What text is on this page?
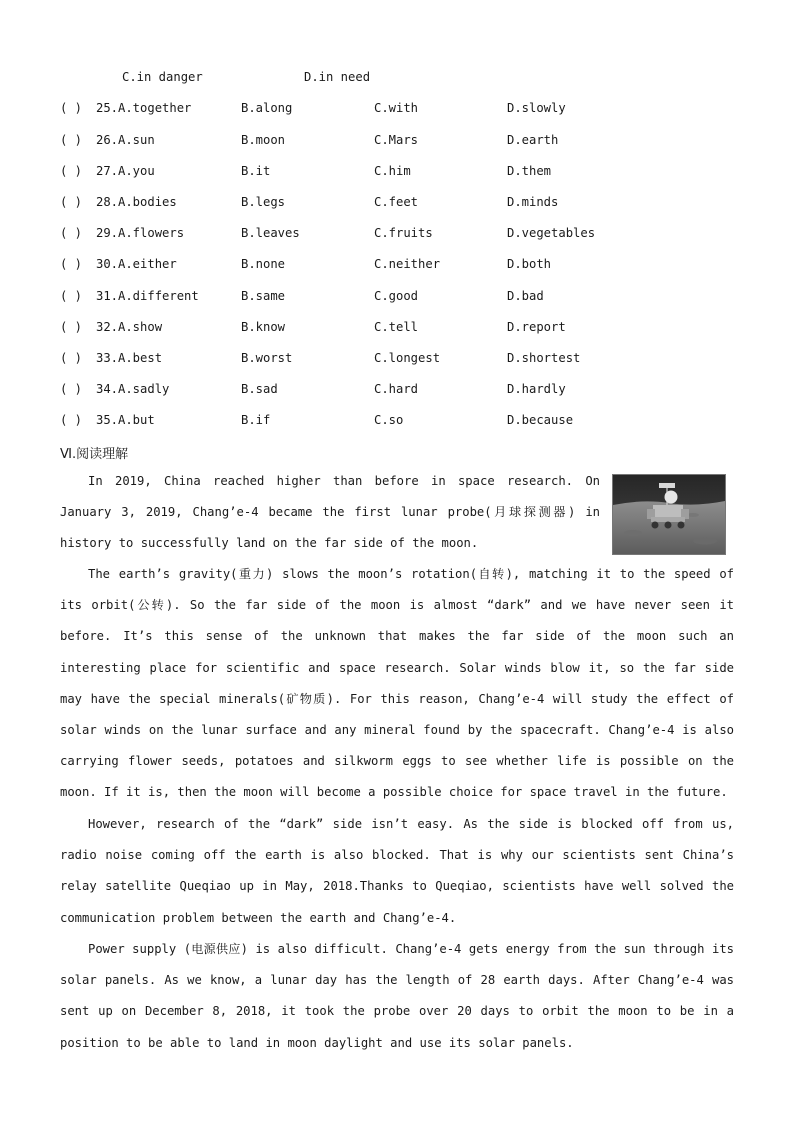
C.in danger	D.in need
( ) 25.A.together	B.along	C.with	D.slowly
( ) 26.A.sun	B.moon	C.Mars	D.earth
( ) 27.A.you	B.it	C.him	D.them
( ) 28.A.bodies	B.legs	C.feet	D.minds
( ) 29.A.flowers	B.leaves	C.fruits	D.vegetables
( ) 30.A.either	B.none	C.neither	D.both
( ) 31.A.different	B.same	C.good	D.bad
( ) 32.A.show	B.know	C.tell	D.report
( ) 33.A.best	B.worst	C.longest	D.shortest
( ) 34.A.sadly	B.sad	C.hard	D.hardly
( ) 35.A.but	B.if	C.so	D.because
Ⅵ.阅读理解
In 2019, China reached higher than before in space research. On January 3, 2019, Chang’e-4 became the first lunar probe(月球探测器) in history to successfully land on the far side of the moon.
The earth’s gravity(重力) slows the moon’s rotation(自转), matching it to the speed of its orbit(公转). So the far side of the moon is almost “dark” and we have never seen it before. It’s this sense of the unknown that makes the far side of the moon such an interesting place for scientific and space research. Solar winds blow it, so the far side may have the special minerals(矿物质). For this reason, Chang’e-4 will study the effect of solar winds on the lunar surface and any mineral found by the spacecraft. Chang’e-4 is also carrying flower seeds, potatoes and silkworm eggs to see whether life is possible on the moon. If it is, then the moon will become a possible choice for space travel in the future.
However, research of the “dark” side isn’t easy. As the side is blocked off from us, radio noise coming off the earth is also blocked. That is why our scientists sent China’s relay satellite Queqiao up in May, 2018.Thanks to Queqiao, scientists have well solved the communication problem between the earth and Chang’e-4.
Power supply (电源供应) is also difficult. Chang’e-4 gets energy from the sun through its solar panels. As we know, a lunar day has the length of 28 earth days. After Chang’e-4 was sent up on December 8, 2018, it took the probe over 20 days to orbit the moon to be in a position to be able to land in moon daylight and use its solar panels.
